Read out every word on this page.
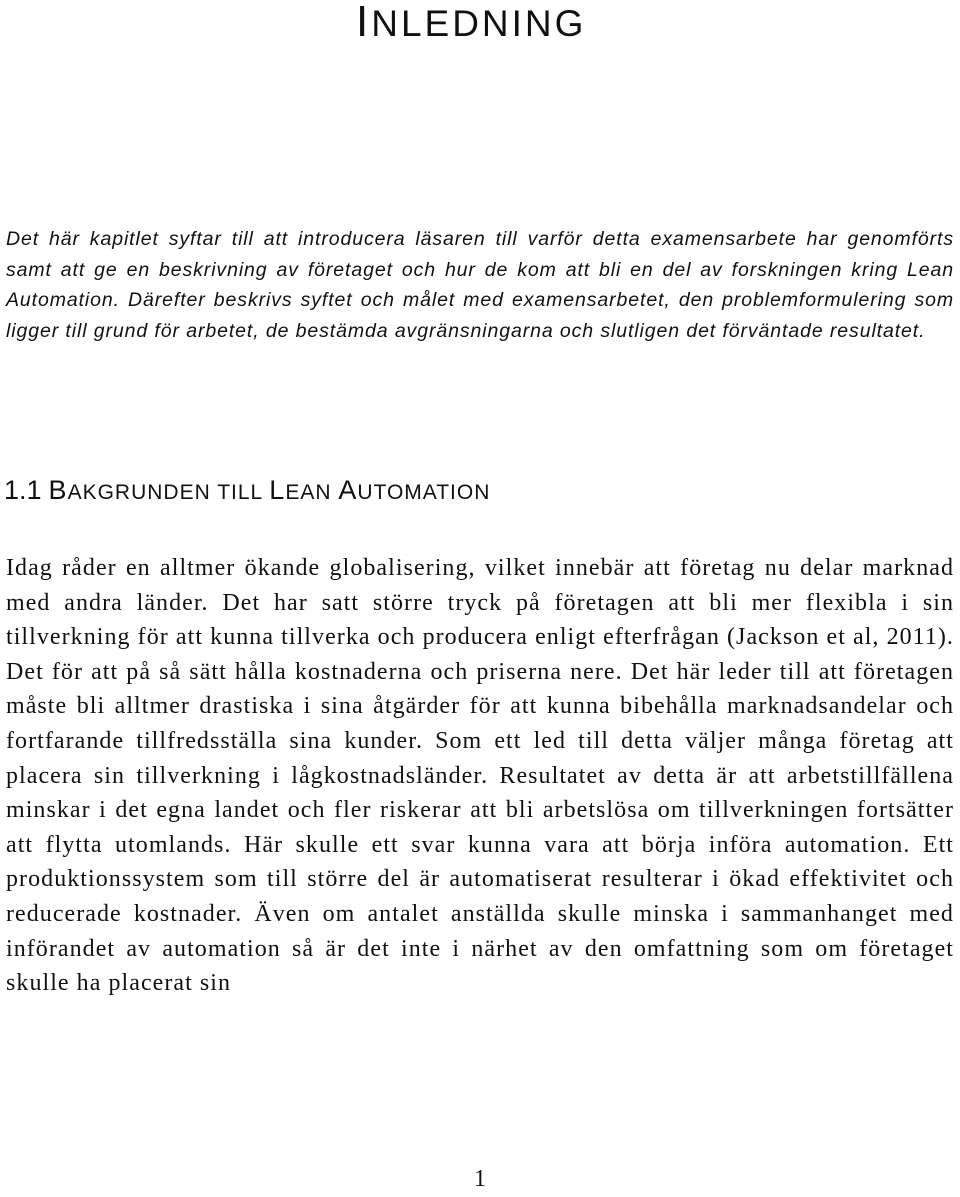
INLEDNING

Det här kapitlet syftar till att introducera läsaren till varför detta examensarbete har genomförts samt att ge en beskrivning av företaget och hur de kom att bli en del av forskningen kring Lean Automation. Därefter beskrivs syftet och målet med examensarbetet, den problemformulering som ligger till grund för arbetet, de bestämda avgränsningarna och slutligen det förväntade resultatet.

1.1 BAKGRUNDEN TILL LEAN AUTOMATION

Idag råder en alltmer ökande globalisering, vilket innebär att företag nu delar marknad med andra länder. Det har satt större tryck på företagen att bli mer flexibla i sin tillverkning för att kunna tillverka och producera enligt efterfrågan (Jackson et al, 2011). Det för att på så sätt hålla kostnaderna och priserna nere. Det här leder till att företagen måste bli alltmer drastiska i sina åtgärder för att kunna bibehålla marknadsandelar och fortfarande tillfredsställa sina kunder. Som ett led till detta väljer många företag att placera sin tillverkning i lågkostnadsländer. Resultatet av detta är att arbetstillfällena minskar i det egna landet och fler riskerar att bli arbetslösa om tillverkningen fortsätter att flytta utomlands. Här skulle ett svar kunna vara att börja införa automation. Ett produktionssystem som till större del är automatiserat resulterar i ökad effektivitet och reducerade kostnader. Även om antalet anställda skulle minska i sammanhanget med införandet av automation så är det inte i närhet av den omfattning som om företaget skulle ha placerat sin

1
